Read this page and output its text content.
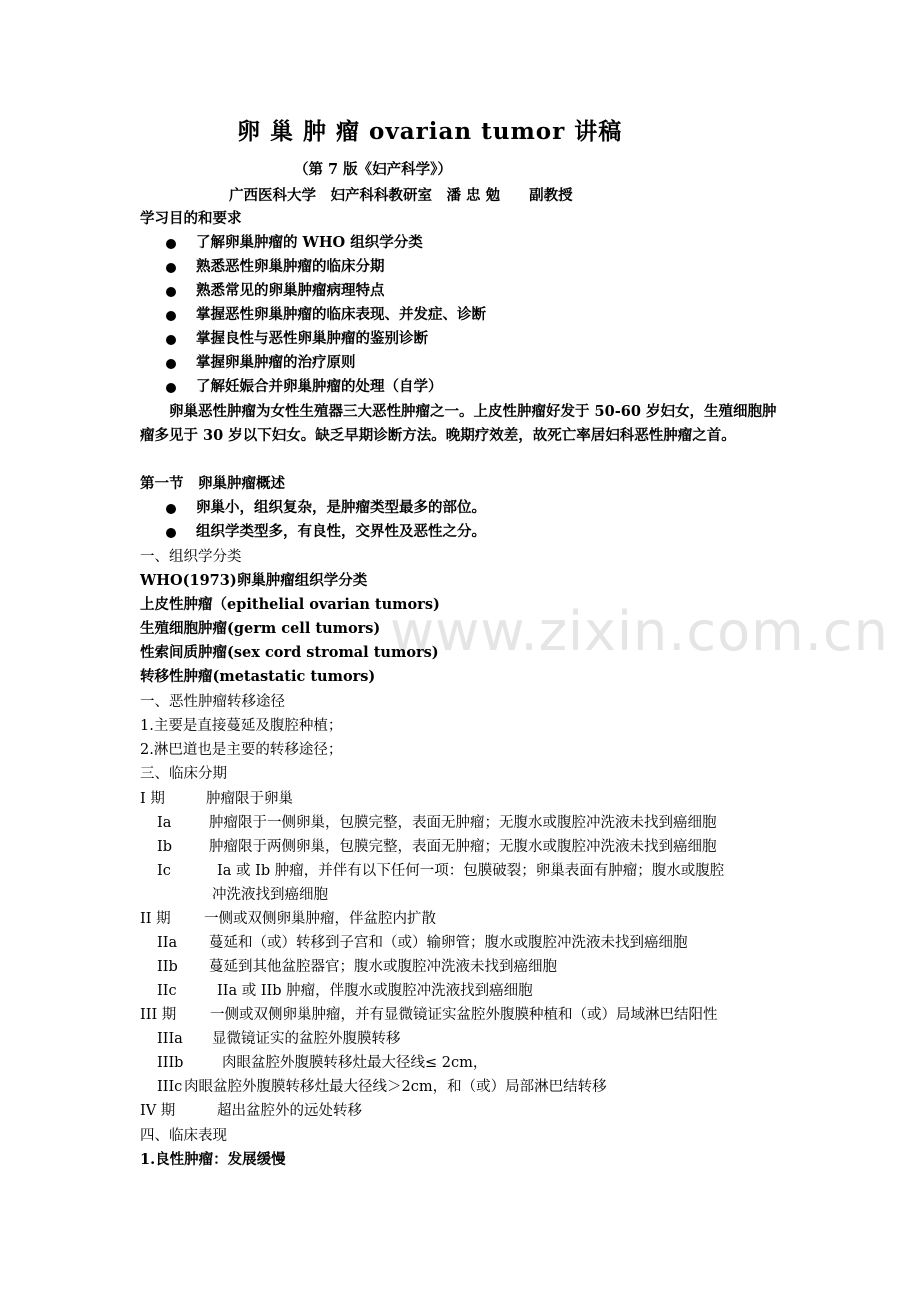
www.zixin.com.cn
卵 巢 肿 瘤 ovarian tumor 讲稿
（第 7 版《妇产科学》）
广西医科大学　妇产科科教研室　潘 忠 勉　　副教授
学习目的和要求
了解卵巢肿瘤的 WHO 组织学分类
熟悉恶性卵巢肿瘤的临床分期
熟悉常见的卵巢肿瘤病理特点
掌握恶性卵巢肿瘤的临床表现、并发症、诊断
掌握良性与恶性卵巢肿瘤的鉴别诊断
掌握卵巢肿瘤的治疗原则
了解妊娠合并卵巢肿瘤的处理（自学）
卵巢恶性肿瘤为女性生殖器三大恶性肿瘤之一。上皮性肿瘤好发于 50-60 岁妇女，生殖细胞肿瘤多见于 30 岁以下妇女。缺乏早期诊断方法。晚期疗效差，故死亡率居妇科恶性肿瘤之首。
第一节　卵巢肿瘤概述
卵巢小，组织复杂，是肿瘤类型最多的部位。
组织学类型多，有良性，交界性及恶性之分。
一、组织学分类
WHO(1973)卵巢肿瘤组织学分类
上皮性肿瘤（epithelial ovarian tumors)
生殖细胞肿瘤(germ cell tumors)
性索间质肿瘤(sex cord stromal tumors)
转移性肿瘤(metastatic tumors)
一、恶性肿瘤转移途径
1.主要是直接蔓延及腹腔种植；
2.淋巴道也是主要的转移途径；
三、临床分期
I 期	肿瘤限于卵巢
Ia	肿瘤限于一侧卵巢，包膜完整，表面无肿瘤；无腹水或腹腔冲洗液未找到癌细胞
Ib	肿瘤限于两侧卵巢，包膜完整，表面无肿瘤；无腹水或腹腔冲洗液未找到癌细胞
Ic	Ia 或 Ib 肿瘤，并伴有以下任何一项：包膜破裂；卵巢表面有肿瘤；腹水或腹腔
冲洗液找到癌细胞
II 期 一侧或双侧卵巢肿瘤，伴盆腔内扩散
IIa 蔓延和（或）转移到子宫和（或）输卵管；腹水或腹腔冲洗液未找到癌细胞
IIb 蔓延到其他盆腔器官；腹水或腹腔冲洗液未找到癌细胞
IIc	IIa 或 IIb 肿瘤，伴腹水或腹腔冲洗液找到癌细胞
III 期 一侧或双侧卵巢肿瘤，并有显微镜证实盆腔外腹膜种植和（或）局域淋巴结阳性
IIIa 显微镜证实的盆腔外腹膜转移
IIIb	肉眼盆腔外腹膜转移灶最大径线≤ 2cm，
IIIc 肉眼盆腔外腹膜转移灶最大径线＞2cm，和（或）局部淋巴结转移
IV 期	超出盆腔外的远处转移
四、临床表现
1.良性肿瘤：发展缓慢
